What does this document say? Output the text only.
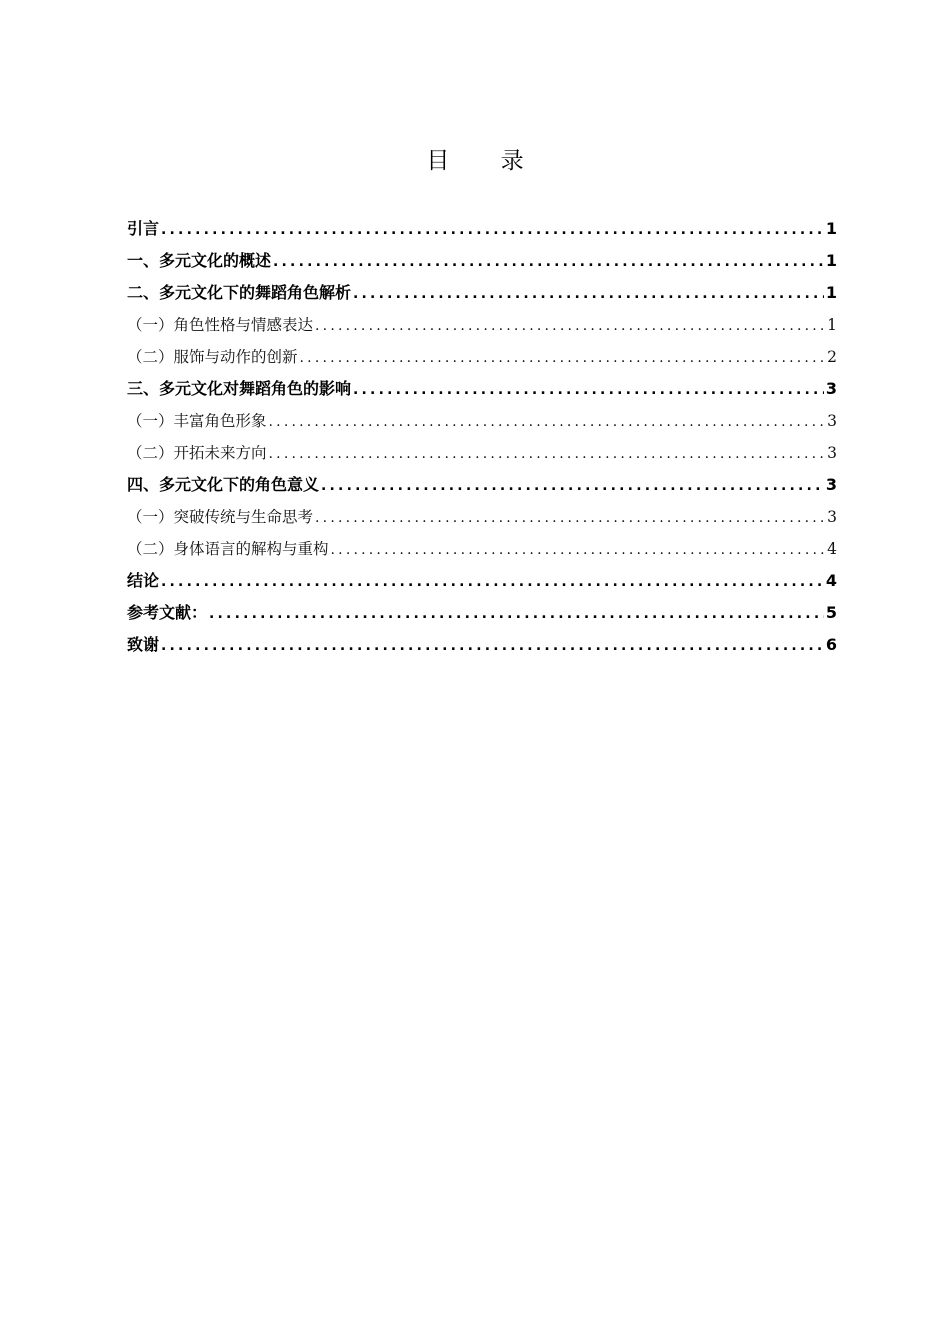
目 录
引言 .....	1
一、多元文化的概述 .....	1
二、多元文化下的舞蹈角色解析 .....	1
（一）角色性格与情感表达 .....	1
（二）服饰与动作的创新 .....	2
三、多元文化对舞蹈角色的影响 .....	3
（一）丰富角色形象 .....	3
（二）开拓未来方向 .....	3
四、多元文化下的角色意义 .....	3
（一）突破传统与生命思考 .....	3
（二）身体语言的解构与重构 .....	4
结论 .....	4
参考文献： .....	5
致谢 .....	6
